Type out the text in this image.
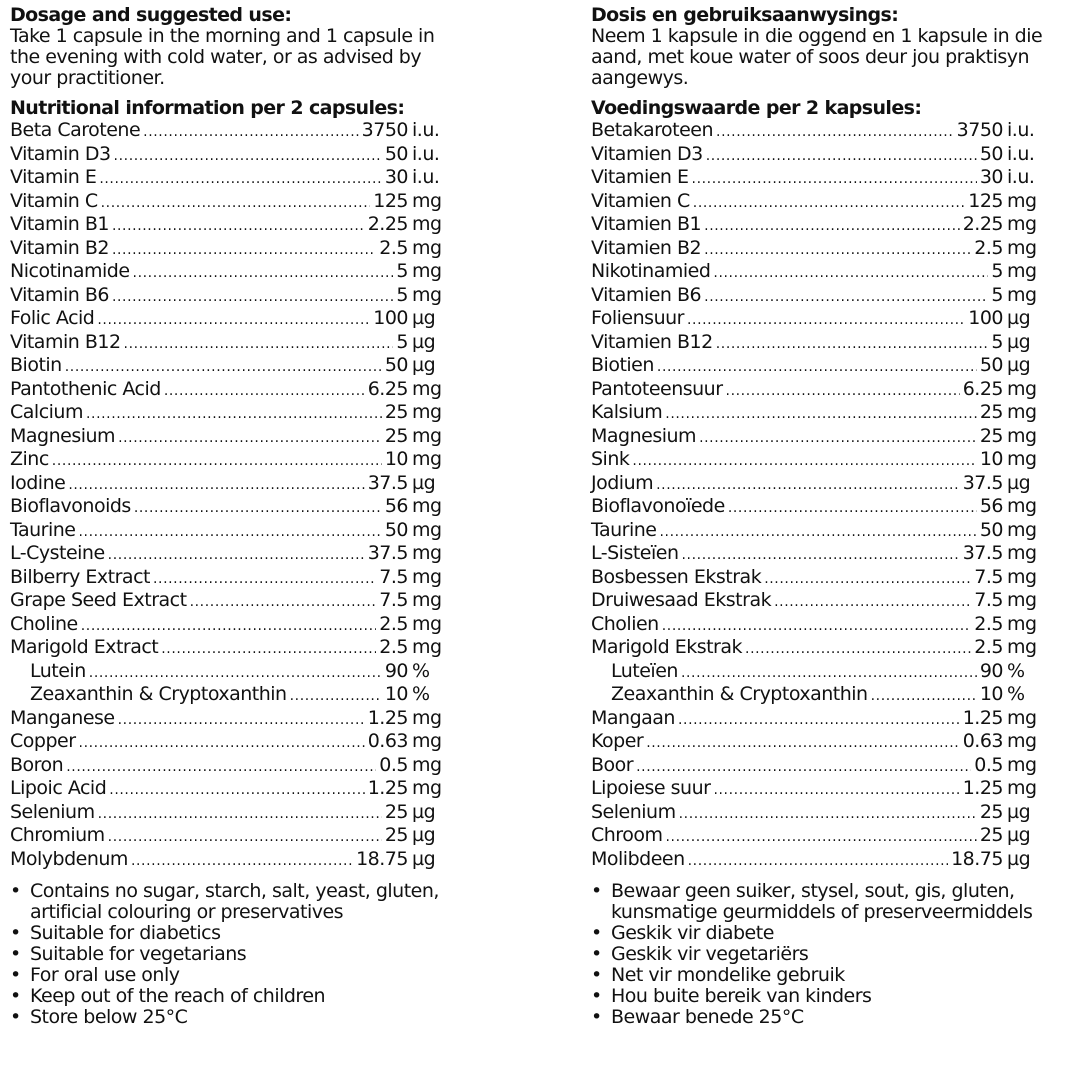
Dosage and suggested use:
Take 1 capsule in the morning and 1 capsule in the evening with cold water, or as advised by your practitioner.
Nutritional information per 2 capsules:
Beta Carotene .....	3750 i.u.
Vitamin D3 .....	50 i.u.
Vitamin E .....	30 i.u.
Vitamin C .....	125 mg
Vitamin B1 .....	2.25 mg
Vitamin B2 .....	2.5 mg
Nicotinamide .....	5 mg
Vitamin B6 .....	5 mg
Folic Acid .....	100 µg
Vitamin B12 .....	5 µg
Biotin .....	50 µg
Pantothenic Acid .....	6.25 mg
Calcium .....	25 mg
Magnesium .....	25 mg
Zinc .....	10 mg
Iodine .....	37.5 µg
Bioflavonoids .....	56 mg
Taurine .....	50 mg
L-Cysteine .....	37.5 mg
Bilberry Extract .....	7.5 mg
Grape Seed Extract .....	7.5 mg
Choline .....	2.5 mg
Marigold Extract .....	2.5 mg
Lutein .....	90 %
Zeaxanthin & Cryptoxanthin .....	10 %
Manganese .....	1.25 mg
Copper .....	0.63 mg
Boron .....	0.5 mg
Lipoic Acid .....	1.25 mg
Selenium .....	25 µg
Chromium .....	25 µg
Molybdenum .....	18.75 µg
• Contains no sugar, starch, salt, yeast, gluten, artificial colouring or preservatives
• Suitable for diabetics
• Suitable for vegetarians
• For oral use only
• Keep out of the reach of children
• Store below 25°C
Dosis en gebruiksaanwysings:
Neem 1 kapsule in die oggend en 1 kapsule in die aand, met koue water of soos deur jou praktisyn aangewys.
Voedingswaarde per 2 kapsules:
Betakaroteen .....	3750 i.u.
Vitamien D3 .....	50 i.u.
Vitamien E .....	30 i.u.
Vitamien C .....	125 mg
Vitamien B1 .....	2.25 mg
Vitamien B2 .....	2.5 mg
Nikotinamied .....	5 mg
Vitamien B6 .....	5 mg
Foliensuur .....	100 µg
Vitamien B12 .....	5 µg
Biotien .....	50 µg
Pantoteensuur .....	6.25 mg
Kalsium .....	25 mg
Magnesium .....	25 mg
Sink .....	10 mg
Jodium .....	37.5 µg
Bioflavonoïede .....	56 mg
Taurine .....	50 mg
L-Sisteïen .....	37.5 mg
Bosbessen Ekstrak .....	7.5 mg
Druiwesaad Ekstrak .....	7.5 mg
Cholien .....	2.5 mg
Marigold Ekstrak .....	2.5 mg
Luteïen .....	90 %
Zeaxanthin & Cryptoxanthin .....	10 %
Mangaan .....	1.25 mg
Koper .....	0.63 mg
Boor .....	0.5 mg
Lipoiese suur .....	1.25 mg
Selenium .....	25 µg
Chroom .....	25 µg
Molibdeen .....	18.75 µg
• Bewaar geen suiker, stysel, sout, gis, gluten, kunsmatige geurmiddels of preserveermiddels
• Geskik vir diabete
• Geskik vir vegetariërs
• Net vir mondelike gebruik
• Hou buite bereik van kinders
• Bewaar benede 25°C
